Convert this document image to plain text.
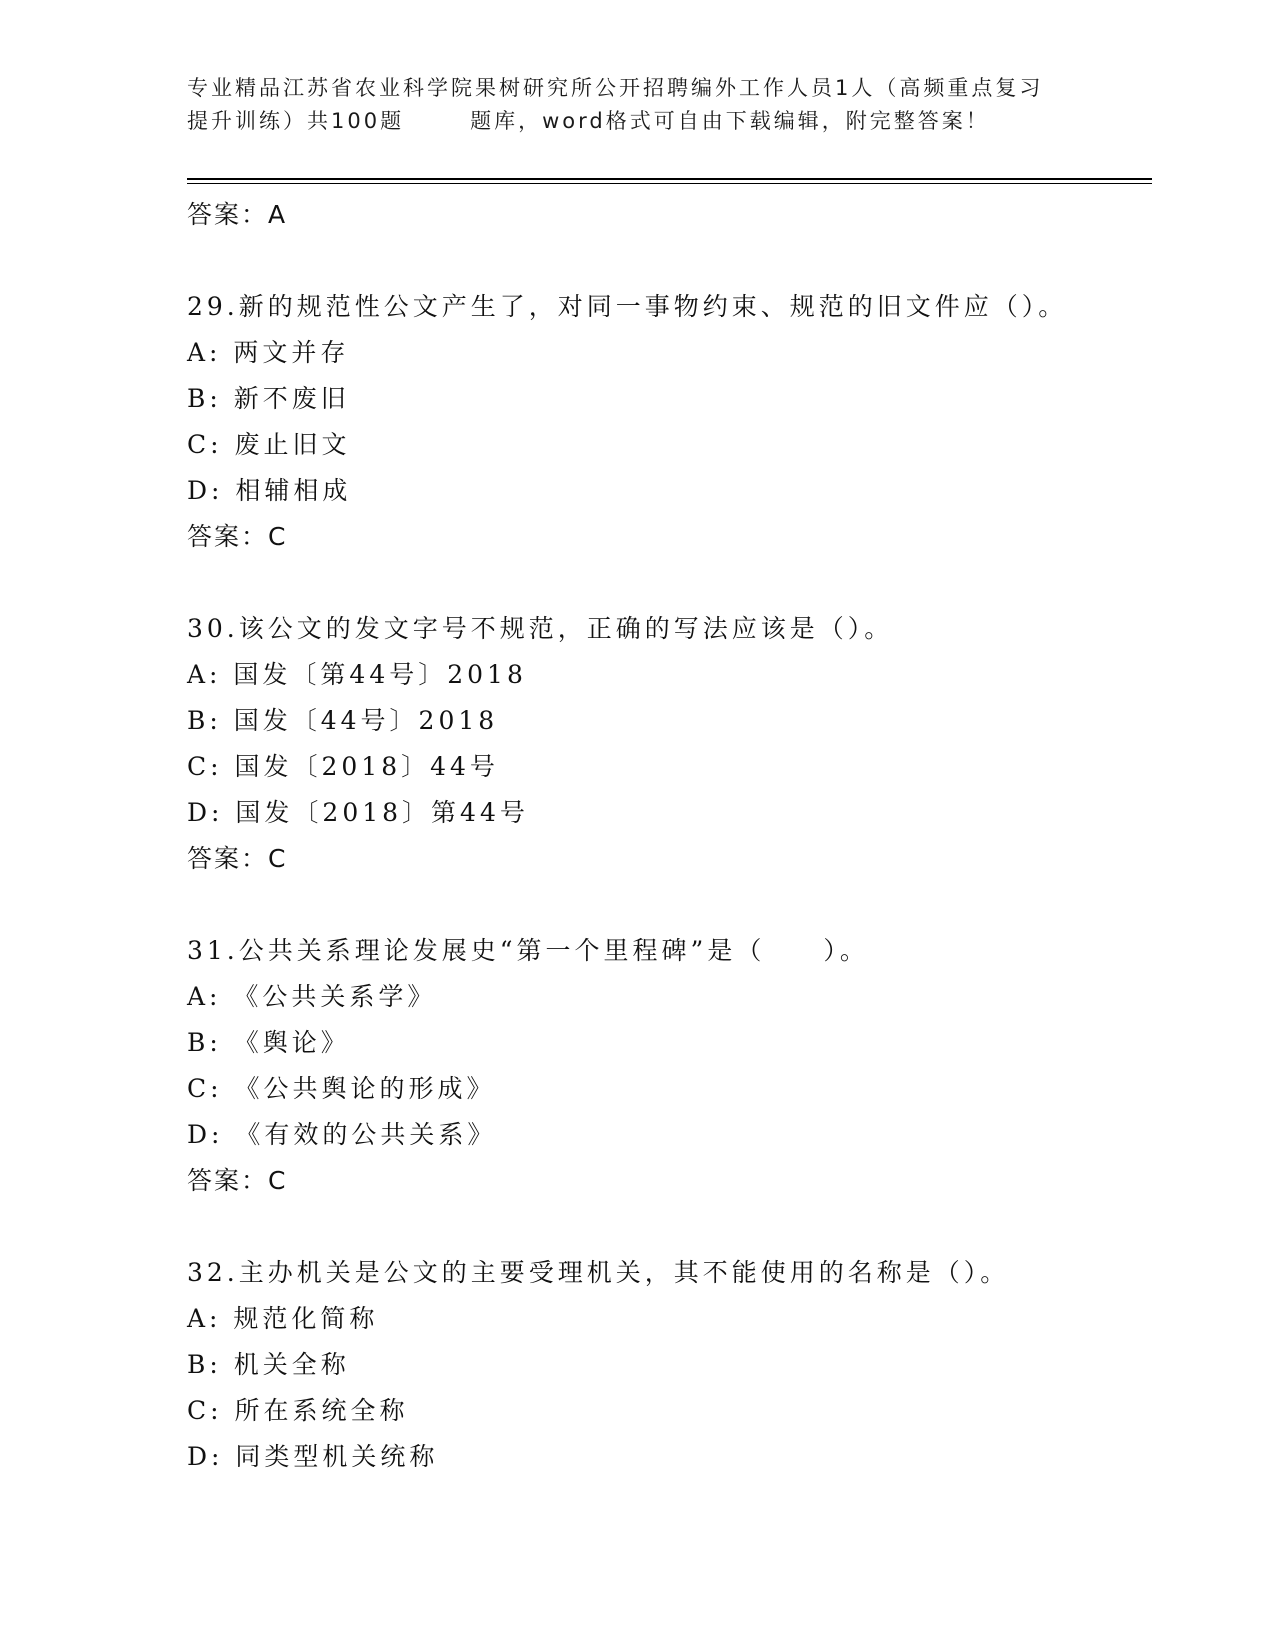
专业精品江苏省农业科学院果树研究所公开招聘编外工作人员1人（高频重点复习
提升训练）共100题	题库，word格式可自由下载编辑，附完整答案！
答案：A
29.新的规范性公文产生了，对同一事物约束、规范的旧文件应（）。
A: 两文并存
B: 新不废旧
C: 废止旧文
D: 相辅相成
答案：C
30.该公文的发文字号不规范，正确的写法应该是（）。
A: 国发〔第44号〕2018
B: 国发〔44号〕2018
C: 国发〔2018〕44号
D: 国发〔2018〕第44号
答案：C
31.公共关系理论发展史“第一个里程碑”是（　　）。
A: 《公共关系学》
B: 《舆论》
C: 《公共舆论的形成》
D: 《有效的公共关系》
答案：C
32.主办机关是公文的主要受理机关，其不能使用的名称是（）。
A: 规范化简称
B: 机关全称
C: 所在系统全称
D: 同类型机关统称
